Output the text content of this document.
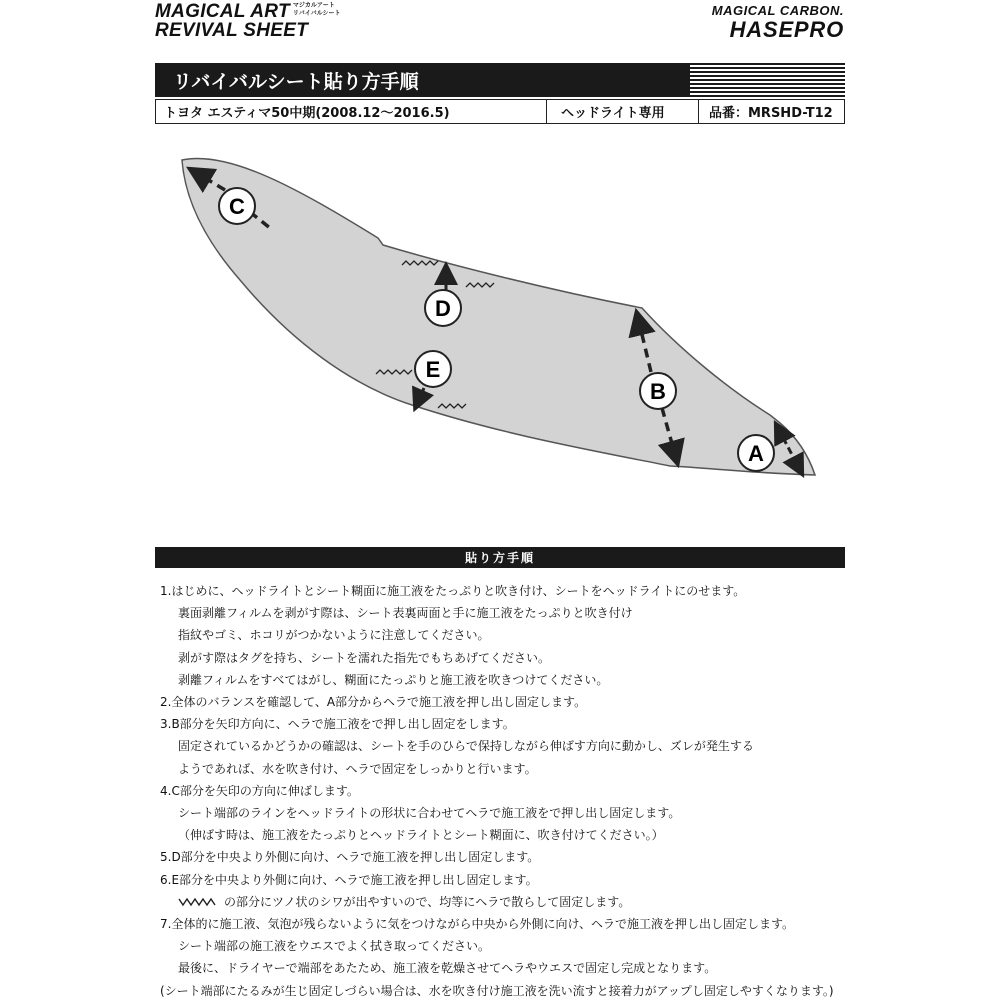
MAGICAL ART マジカルアート
リバイバルシート
REVIVAL SHEET
MAGICAL CARBON.
HASEPRO
リバイバルシート貼り方手順
トヨタ エスティマ50中期(2008.12〜2016.5)	ヘッドライト専用	品番：MRSHD-T12
C
D
E
B
A
貼り方手順
1.はじめに、ヘッドライトとシート糊面に施工液をたっぷりと吹き付け、シートをヘッドライトにのせます。
裏面剥離フィルムを剥がす際は、シート表裏両面と手に施工液をたっぷりと吹き付け
指紋やゴミ、ホコリがつかないように注意してください。
剥がす際はタグを持ち、シートを濡れた指先でもちあげてください。
剥離フィルムをすべてはがし、糊面にたっぷりと施工液を吹きつけてください。
2.全体のバランスを確認して、A部分からヘラで施工液を押し出し固定します。
3.B部分を矢印方向に、ヘラで施工液をで押し出し固定をします。
固定されているかどうかの確認は、シートを手のひらで保持しながら伸ばす方向に動かし、ズレが発生する
ようであれば、水を吹き付け、ヘラで固定をしっかりと行います。
4.C部分を矢印の方向に伸ばします。
シート端部のラインをヘッドライトの形状に合わせてヘラで施工液をで押し出し固定します。
（伸ばす時は、施工液をたっぷりとヘッドライトとシート糊面に、吹き付けてください。）
5.D部分を中央より外側に向け、ヘラで施工液を押し出し固定します。
6.E部分を中央より外側に向け、ヘラで施工液を押し出し固定します。
の部分にツノ状のシワが出やすいので、均等にヘラで散らして固定します。
7.全体的に施工液、気泡が残らないように気をつけながら中央から外側に向け、ヘラで施工液を押し出し固定します。
シート端部の施工液をウエスでよく拭き取ってください。
最後に、ドライヤーで端部をあたため、施工液を乾燥させてヘラやウエスで固定し完成となります。
(シート端部にたるみが生じ固定しづらい場合は、水を吹き付け施工液を洗い流すと接着力がアップし固定しやすくなります。)
